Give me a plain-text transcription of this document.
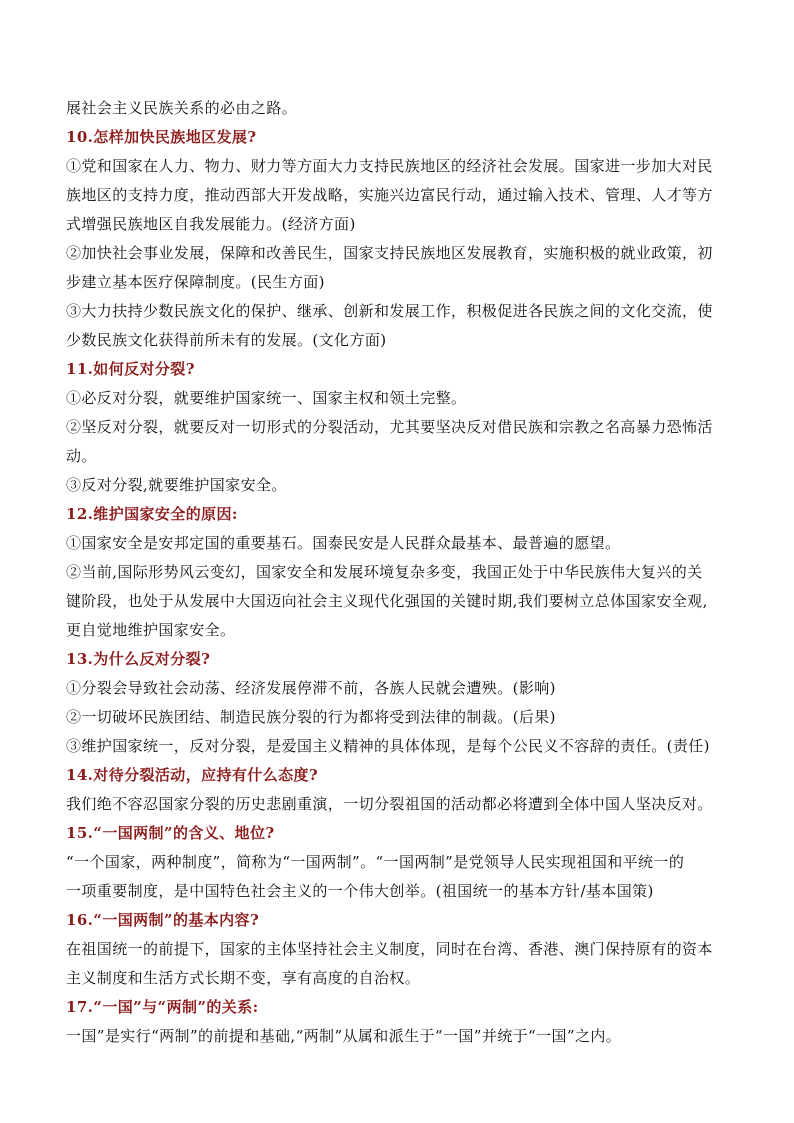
展社会主义民族关系的必由之路。
10.怎样加快民族地区发展?
①党和国家在人力、物力、财力等方面大力支持民族地区的经济社会发展。国家进一步加大对民
族地区的支持力度，推动西部大开发战略，实施兴边富民行动，通过输入技术、管理、人才等方
式增强民族地区自我发展能力。(经济方面)
②加快社会事业发展，保障和改善民生，国家支持民族地区发展教育，实施积极的就业政策，初
步建立基本医疗保障制度。(民生方面)
③大力扶持少数民族文化的保护、继承、创新和发展工作，积极促进各民族之间的文化交流，使
少数民族文化获得前所未有的发展。(文化方面)
11.如何反对分裂?
①必反对分裂，就要维护国家统一、国家主权和领土完整。
②坚反对分裂，就要反对一切形式的分裂活动，尤其要坚决反对借民族和宗教之名高暴力恐怖活
动。
③反对分裂,就要维护国家安全。
12.维护国家安全的原因:
①国家安全是安邦定国的重要基石。国泰民安是人民群众最基本、最普遍的愿望。
②当前,国际形势风云变幻，国家安全和发展环境复杂多变，我国正处于中华民族伟大复兴的关
键阶段，也处于从发展中大国迈向社会主义现代化强国的关键时期,我们要树立总体国家安全观,
更自觉地维护国家安全。
13.为什么反对分裂?
①分裂会导致社会动荡、经济发展停滞不前，各族人民就会遭殃。(影响)
②一切破坏民族团结、制造民族分裂的行为都将受到法律的制裁。(后果)
③维护国家统一，反对分裂，是爱国主义精神的具体体现，是每个公民义不容辞的责任。(责任)
14.对待分裂活动，应持有什么态度?
我们绝不容忍国家分裂的历史悲剧重演，一切分裂祖国的活动都必将遭到全体中国人坚决反对。
15.“一国两制”的含义、地位?
“一个国家，两种制度”，简称为“一国两制”。“一国两制”是党领导人民实现祖国和平统一的
一项重要制度，是中国特色社会主义的一个伟大创举。(祖国统一的基本方针/基本国策)
16.“一国两制”的基本内容?
在祖国统一的前提下，国家的主体坚持社会主义制度，同时在台湾、香港、澳门保持原有的资本
主义制度和生活方式长期不变，享有高度的自治权。
17.“一国”与“两制”的关系:
一国”是实行“两制”的前提和基础,“两制”从属和派生于“一国”并统于“一国”之内。
